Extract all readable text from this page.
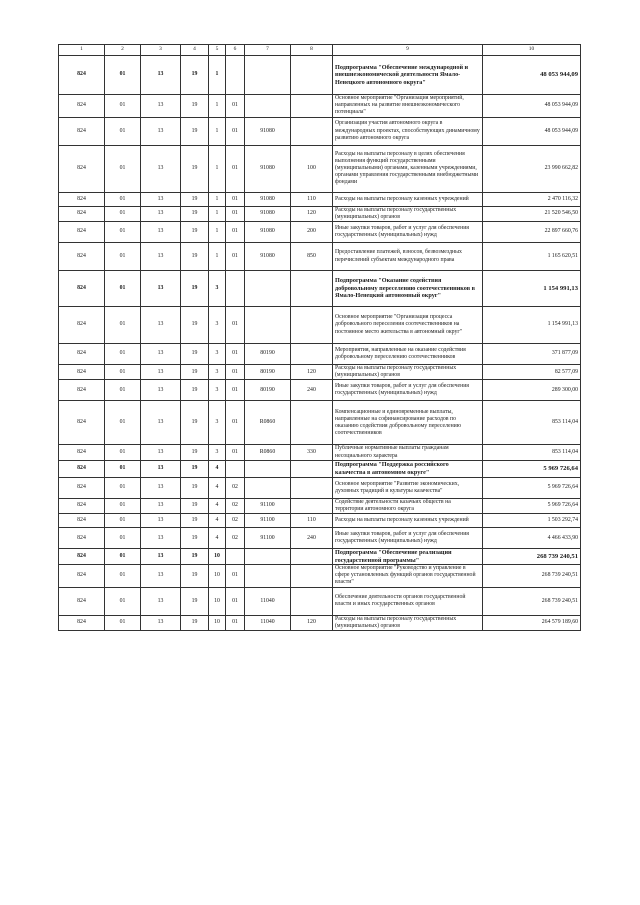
1	2	3	4	5	6	7	8	9	10
824	01	13	19	1				Подпрограмма "Обеспечение международной и внешнеэкономической деятельности Ямало-Ненецкого автономного округа"	48 053 944,09
824	01	13	19	1	01			Основное мероприятие "Организация мероприятий, направленных на развитие внешнеэкономического потенциала"	48 053 944,09
824	01	13	19	1	01	91080		Организация участия автономного округа в международных проектах, способствующих динамичному развитию автономного округа	48 053 944,09
824	01	13	19	1	01	91080	100	Расходы на выплаты персоналу в целях обеспечения выполнения функций государственными (муниципальными) органами, казенными учреждениями, органами управления государственными внебюджетными фондами	23 990 662,82
824	01	13	19	1	01	91080	110	Расходы на выплаты персоналу казенных учреждений	2 470 116,32
824	01	13	19	1	01	91080	120	Расходы на выплаты персоналу государственных (муниципальных) органов	21 520 546,50
824	01	13	19	1	01	91080	200	Иные закупки товаров, работ и услуг для обеспечения государственных (муниципальных) нужд	22 897 660,76
824	01	13	19	1	01	91080	850	Предоставление платежей, взносов, безвозмездных перечислений субъектам международного права	1 165 620,51
824	01	13	19	3				Подпрограмма "Оказание содействия добровольному переселению соотечественников в Ямало-Ненецкий автономный округ"	1 154 991,13
824	01	13	19	3	01			Основное мероприятие "Организация процесса добровольного переселения соотечественников на постоянное место жительства в автономный округ"	1 154 991,13
824	01	13	19	3	01	80190		Мероприятия, направленные на оказание содействия добровольному переселению соотечественников	371 877,09
824	01	13	19	3	01	80190	120	Расходы на выплаты персоналу государственных (муниципальных) органов	82 577,09
824	01	13	19	3	01	80190	240	Иные закупки товаров, работ и услуг для обеспечения государственных (муниципальных) нужд	289 300,00
824	01	13	19	3	01	R0860		Компенсационные и единовременные выплаты, направленные на софинансирование расходов по оказанию содействия добровольному переселению соотечественников	853 114,04
824	01	13	19	3	01	R0860	330	Публичные нормативные выплаты гражданам несоциального характера	853 114,04
824	01	13	19	4				Подпрограмма "Поддержка российского казачества в автономном округе"	5 969 726,64
824	01	13	19	4	02			Основное мероприятие "Развитие экономических, духовных традиций и культуры казачества"	5 969 726,64
824	01	13	19	4	02	91100		Содействие деятельности казачьих обществ на территории автономного округа	5 969 726,64
824	01	13	19	4	02	91100	110	Расходы на выплаты персоналу казенных учреждений	1 503 292,74
824	01	13	19	4	02	91100	240	Иные закупки товаров, работ и услуг для обеспечения государственных (муниципальных) нужд	4 466 433,90
824	01	13	19	10				Подпрограмма "Обеспечение реализации государственной программы"	268 739 240,51
824	01	13	19	10	01			Основное мероприятие "Руководство и управление в сфере установленных функций органов государственной власти"	268 739 240,51
824	01	13	19	10	01	11040		Обеспечение деятельности органов государственной власти и иных государственных органов	268 739 240,51
824	01	13	19	10	01	11040	120	Расходы на выплаты персоналу государственных (муниципальных) органов	264 579 189,60
